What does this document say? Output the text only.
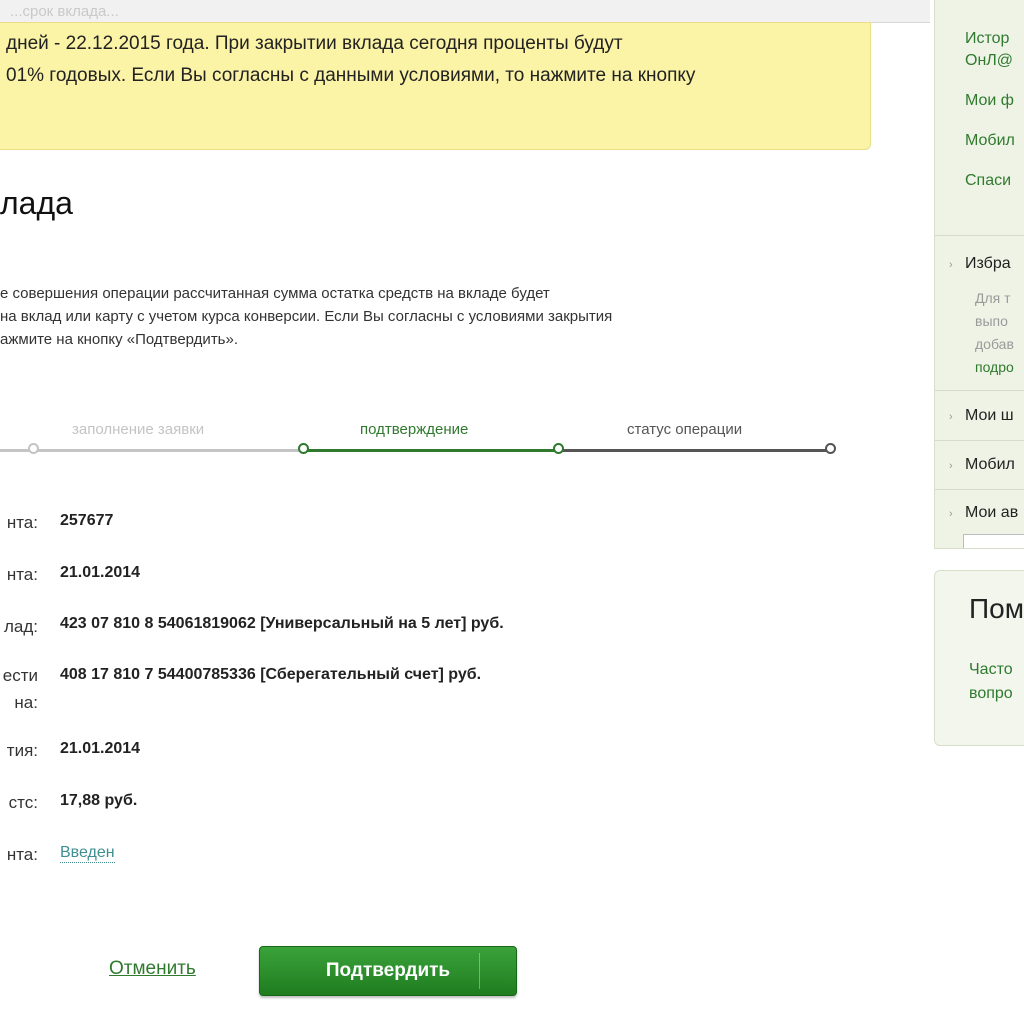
...срок вклада...
дней - 22.12.2015 года. При закрытии вклада сегодня проценты будут
01% годовых. Если Вы согласны с данными условиями, то нажмите на кнопку
лада
е совершения операции рассчитанная сумма остатка средств на вкладе будет
на вклад или карту с учетом курса конверсии. Если Вы согласны с условиями закрытия
ажмите на кнопку «Подтвердить».
заполнение заявки	подтверждение	статус операции
нта: 257677
нта: 21.01.2014
лад: 423 07 810 8 54061819062 [Универсальный на 5 лет] руб.
ести
на:
408 17 810 7 54400785336 [Сберегательный счет] руб.
тия: 21.01.2014
стс: 17,88 руб.
нта: Введен
Отменить	Подтвердить
Истор
ОнЛ@
Мои ф
Мобил
Спаси
› Избра
Для т
выпо
добав
подро
› Мои ш
› Мобил
› Мои ав
Пом
Часто
вопро
